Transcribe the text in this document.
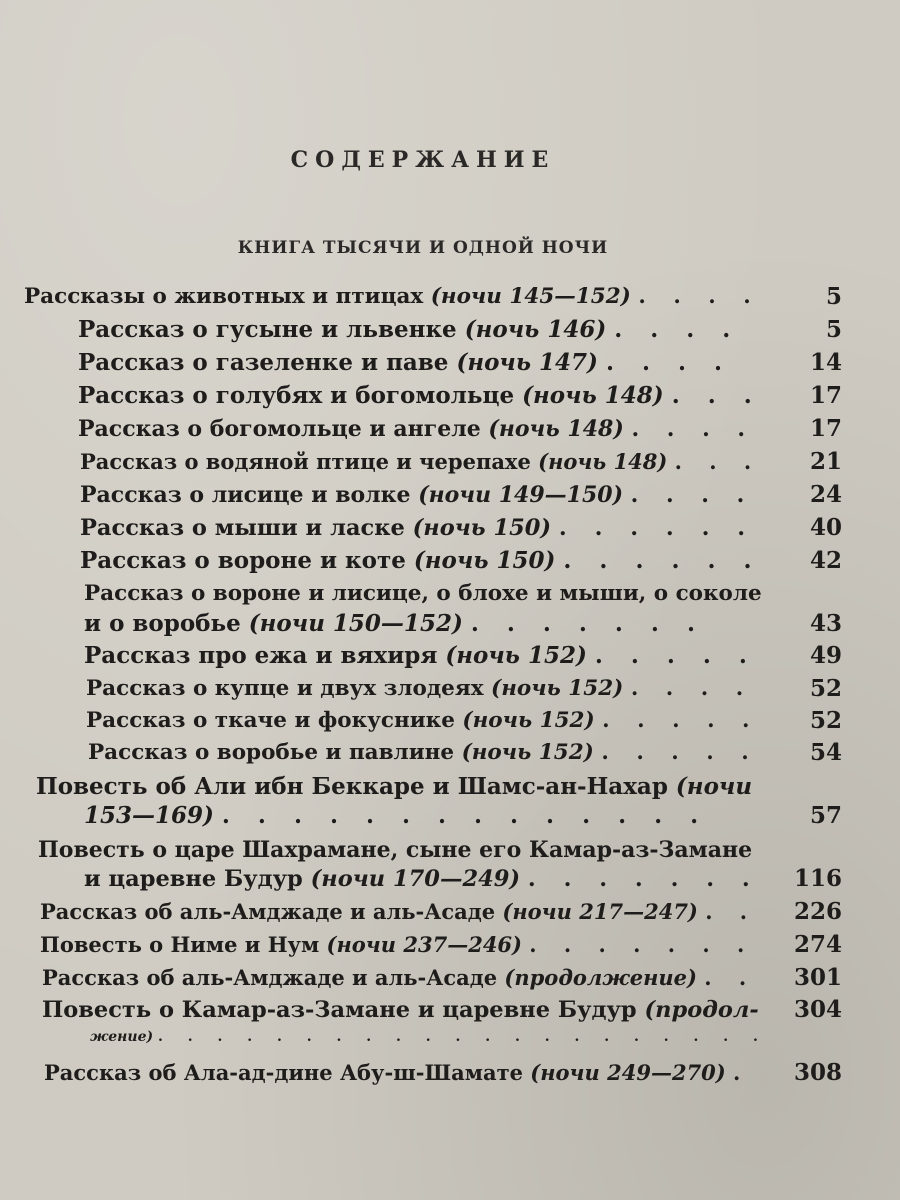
СОДЕРЖАНИЕ
КНИГА ТЫСЯЧИ И ОДНОЙ НОЧИ
Рассказы о животных и птицах (ночи 145—152) . . . .	5
Рассказ о гусыне и львенке (ночь 146) . . . .	5
Рассказ о газеленке и паве (ночь 147) . . . .	14
Рассказ о голубях и богомольце (ночь 148) . . .	17
Рассказ о богомольце и ангеле (ночь 148) . . . .	17
Рассказ о водяной птице и черепахе (ночь 148) . . .	21
Рассказ о лисице и волке (ночи 149—150) . . . .	24
Рассказ о мыши и ласке (ночь 150) . . . . . .	40
Рассказ о вороне и коте (ночь 150) . . . . . .	42
Рассказ о вороне и лисице, о блохе и мыши, о соколе
и о воробье (ночи 150—152) . . . . . . .	43
Рассказ про ежа и вяхиря (ночь 152) . . . . .	49
Рассказ о купце и двух злодеях (ночь 152) . . . .	52
Рассказ о ткаче и фокуснике (ночь 152) . . . . .	52
Рассказ о воробье и павлине (ночь 152) . . . . .	54
Повесть об Али ибн Беккаре и Шамс-ан-Нахар (ночи
153—169) . . . . . . . . . . . . . .	57
Повесть о царе Шахрамане, сыне его Камар-аз-Замане
и царевне Будур (ночи 170—249) . . . . . . .	116
Рассказ об аль-Амджаде и аль-Асаде (ночи 217—247) . .	226
Повесть о Ниме и Нум (ночи 237—246) . . . . . . .	274
Рассказ об аль-Амджаде и аль-Асаде (продолжение) . .	301
Повесть о Камар-аз-Замане и царевне Будур (продол-	304
жение) . . . . . . . . . . . . . . . . . . . . .
Рассказ об Ала-ад-дине Абу-ш-Шамате (ночи 249—270) .	308
